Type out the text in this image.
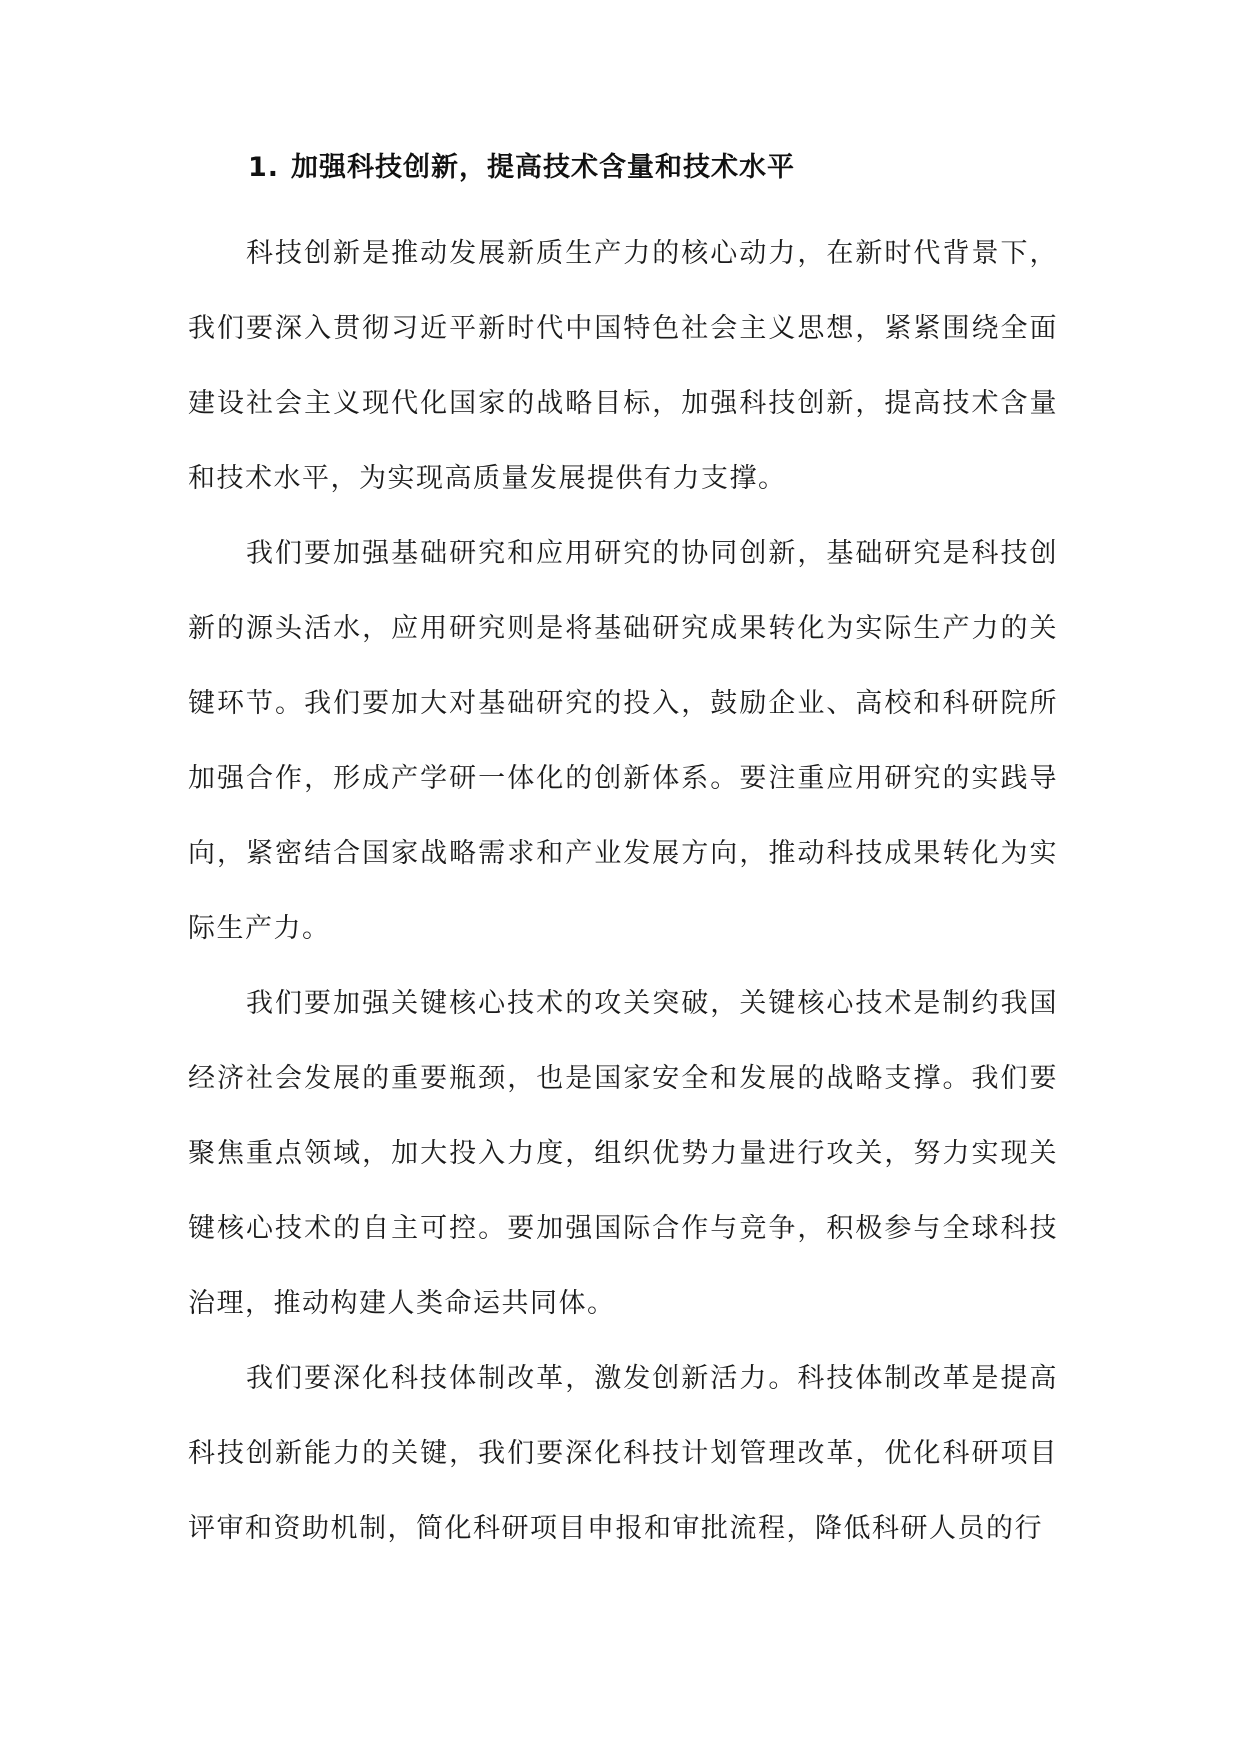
1. 加强科技创新，提高技术含量和技术水平

科技创新是推动发展新质生产力的核心动力，在新时代背景下，我们要深入贯彻习近平新时代中国特色社会主义思想，紧紧围绕全面建设社会主义现代化国家的战略目标，加强科技创新，提高技术含量和技术水平，为实现高质量发展提供有力支撑。

我们要加强基础研究和应用研究的协同创新，基础研究是科技创新的源头活水，应用研究则是将基础研究成果转化为实际生产力的关键环节。我们要加大对基础研究的投入，鼓励企业、高校和科研院所加强合作，形成产学研一体化的创新体系。要注重应用研究的实践导向，紧密结合国家战略需求和产业发展方向，推动科技成果转化为实际生产力。

我们要加强关键核心技术的攻关突破，关键核心技术是制约我国经济社会发展的重要瓶颈，也是国家安全和发展的战略支撑。我们要聚焦重点领域，加大投入力度，组织优势力量进行攻关，努力实现关键核心技术的自主可控。要加强国际合作与竞争，积极参与全球科技治理，推动构建人类命运共同体。

我们要深化科技体制改革，激发创新活力。科技体制改革是提高科技创新能力的关键，我们要深化科技计划管理改革，优化科研项目评审和资助机制，简化科研项目申报和审批流程，降低科研人员的行
